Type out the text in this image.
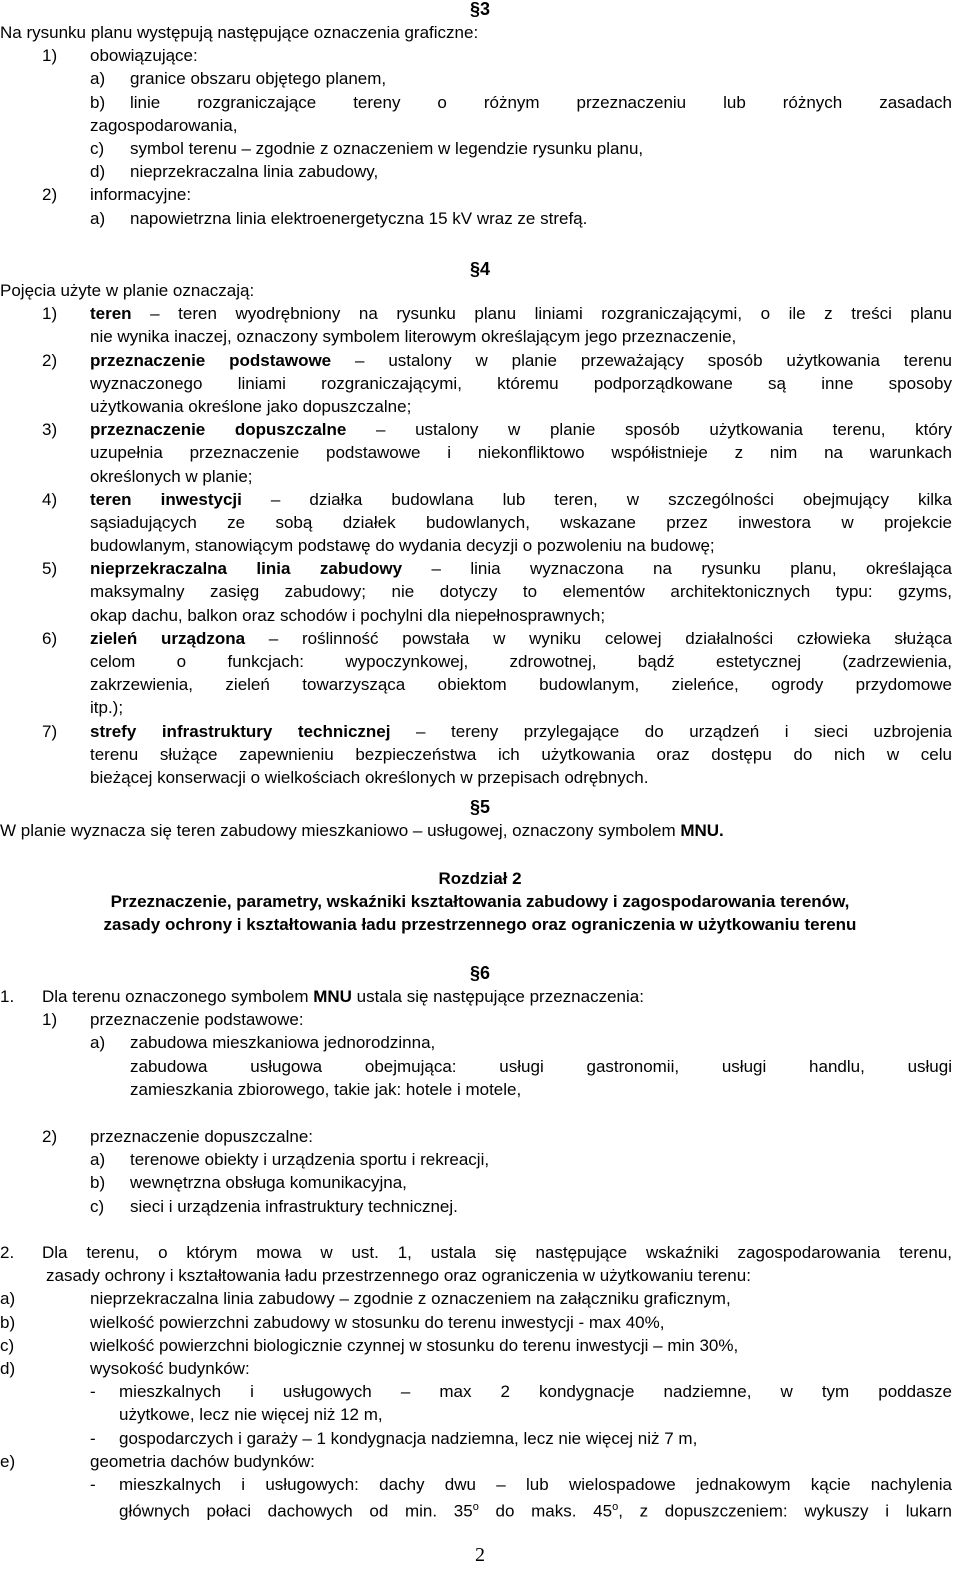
§3
Na rysunku planu występują następujące oznaczenia graficzne:
1) obowiązujące:
a) granice obszaru objętego planem,
b) linie rozgraniczające tereny o różnym przeznaczeniu lub różnych zasadach
zagospodarowania,
c) symbol terenu – zgodnie z oznaczeniem w legendzie rysunku planu,
d) nieprzekraczalna linia zabudowy,
2) informacyjne:
a) napowietrzna linia elektroenergetyczna 15 kV wraz ze strefą.
§4
Pojęcia użyte w planie oznaczają:
1) teren – teren wyodrębniony na rysunku planu liniami rozgraniczającymi, o ile z treści planu
nie wynika inaczej, oznaczony symbolem literowym określającym jego przeznaczenie,
2) przeznaczenie podstawowe – ustalony w planie przeważający sposób użytkowania terenu
wyznaczonego liniami rozgraniczającymi, któremu podporządkowane są inne sposoby
użytkowania określone jako dopuszczalne;
3) przeznaczenie dopuszczalne – ustalony w planie sposób użytkowania terenu, który
uzupełnia przeznaczenie podstawowe i niekonfliktowo współistnieje z nim na warunkach
określonych w planie;
4) teren inwestycji – działka budowlana lub teren, w szczególności obejmujący kilka
sąsiadujących ze sobą działek budowlanych, wskazane przez inwestora w projekcie
budowlanym, stanowiącym podstawę do wydania decyzji o pozwoleniu na budowę;
5) nieprzekraczalna linia zabudowy – linia wyznaczona na rysunku planu, określająca
maksymalny zasięg zabudowy; nie dotyczy to elementów architektonicznych typu: gzyms,
okap dachu, balkon oraz schodów i pochylni dla niepełnosprawnych;
6) zieleń urządzona – roślinność powstała w wyniku celowej działalności człowieka służąca
celom o funkcjach: wypoczynkowej, zdrowotnej, bądź estetycznej (zadrzewienia,
zakrzewienia, zieleń towarzysząca obiektom budowlanym, zieleńce, ogrody przydomowe
itp.);
7) strefy infrastruktury technicznej – tereny przylegające do urządzeń i sieci uzbrojenia
terenu służące zapewnieniu bezpieczeństwa ich użytkowania oraz dostępu do nich w celu
bieżącej konserwacji o wielkościach określonych w przepisach odrębnych.
§5
W planie wyznacza się teren zabudowy mieszkaniowo – usługowej, oznaczony symbolem MNU.
Rozdział 2
Przeznaczenie, parametry, wskaźniki kształtowania zabudowy i zagospodarowania terenów,
zasady ochrony i kształtowania ładu przestrzennego oraz ograniczenia w użytkowaniu terenu
§6
1. Dla terenu oznaczonego symbolem MNU ustala się następujące przeznaczenia:
1) przeznaczenie podstawowe:
a) zabudowa mieszkaniowa jednorodzinna,
zabudowa usługowa obejmująca: usługi gastronomii, usługi handlu, usługi
zamieszkania zbiorowego, takie jak: hotele i motele,
2) przeznaczenie dopuszczalne:
a) terenowe obiekty i urządzenia sportu i rekreacji,
b) wewnętrzna obsługa komunikacyjna,
c) sieci i urządzenia infrastruktury technicznej.
2. Dla terenu, o którym mowa w ust. 1, ustala się następujące wskaźniki zagospodarowania terenu,
zasady ochrony i kształtowania ładu przestrzennego oraz ograniczenia w użytkowaniu terenu:
a)	nieprzekraczalna linia zabudowy – zgodnie z oznaczeniem na załączniku graficznym,
b)	wielkość powierzchni zabudowy w stosunku do terenu inwestycji - max 40%,
c)	wielkość powierzchni biologicznie czynnej w stosunku do terenu inwestycji – min 30%,
d)	wysokość budynków:
- mieszkalnych i usługowych – max 2 kondygnacje nadziemne, w tym poddasze
użytkowe, lecz nie więcej niż 12 m,
- gospodarczych i garaży – 1 kondygnacja nadziemna, lecz nie więcej niż 7 m,
e)	geometria dachów budynków:
- mieszkalnych i usługowych: dachy dwu – lub wielospadowe jednakowym kącie nachylenia
głównych połaci dachowych od min. 35$^o$ do maks. 45$^o$, z dopuszczeniem: wykuszy i lukarn
2
